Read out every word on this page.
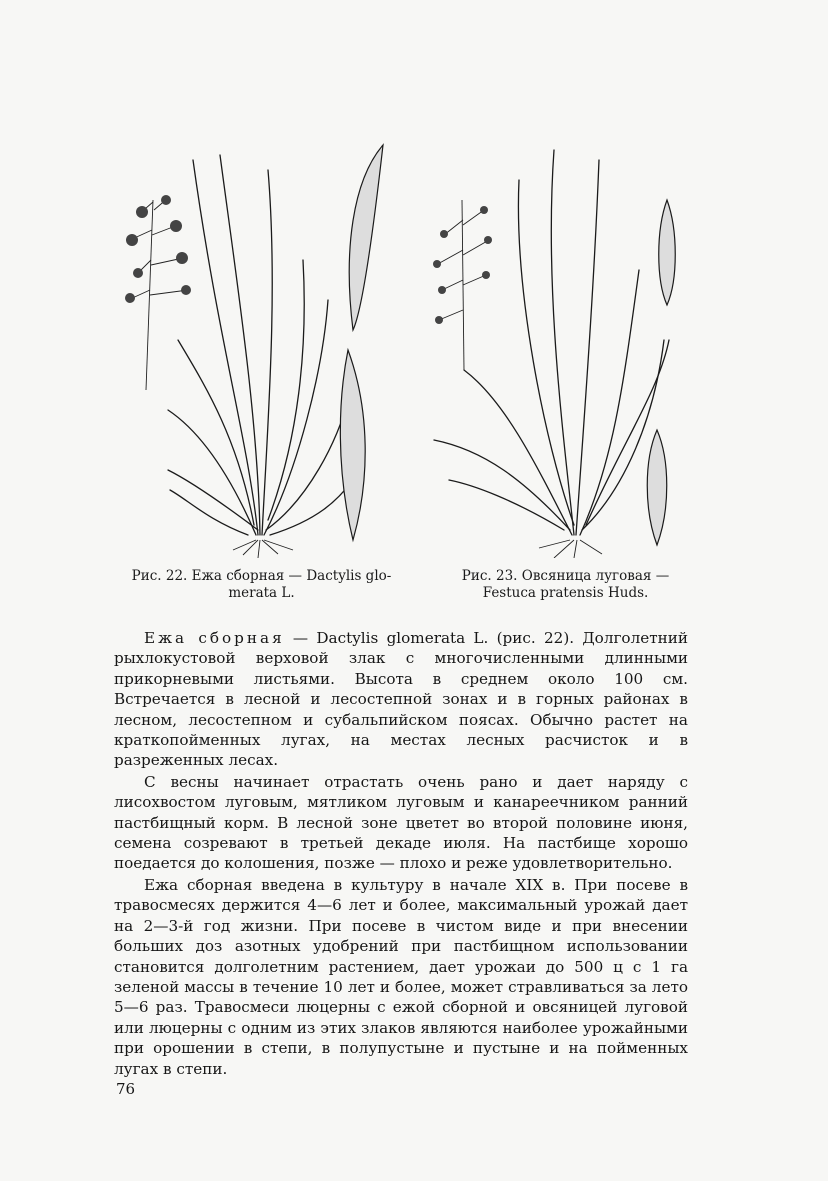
Рис. 22. Ежа сборная — Dactylis glo-
merata L.
Рис. 23. Овсяница луговая —
Festuca pratensis Huds.

Ежа сборная — Dactylis glomerata L. (рис. 22). Долголетний рыхлокустовой верховой злак с многочисленными длинными прикорневыми листьями. Высота в среднем около 100 см. Встречается в лесной и лесостепной зонах и в горных районах в лесном, лесостепном и субальпийском поясах. Обычно растет на краткопойменных лугах, на местах лесных расчисток и в разреженных лесах.

С весны начинает отрастать очень рано и дает наряду с лисохвостом луговым, мятликом луговым и канареечником ранний пастбищный корм. В лесной зоне цветет во второй половине июня, семена созревают в третьей декаде июля. На пастбище хорошо поедается до колошения, позже — плохо и реже удовлетворительно.

Ежа сборная введена в культуру в начале XIX в. При посеве в травосмесях держится 4—6 лет и более, максимальный урожай дает на 2—3-й год жизни. При посеве в чистом виде и при внесении больших доз азотных удобрений при пастбищном использовании становится долголетним растением, дает урожаи до 500 ц с 1 га зеленой массы в течение 10 лет и более, может стравливаться за лето 5—6 раз. Травосмеси люцерны с ежой сборной и овсяницей луговой или люцерны с одним из этих злаков являются наиболее урожайными при орошении в степи, в полупустыне и пустыне и на пойменных лугах в степи.

76
